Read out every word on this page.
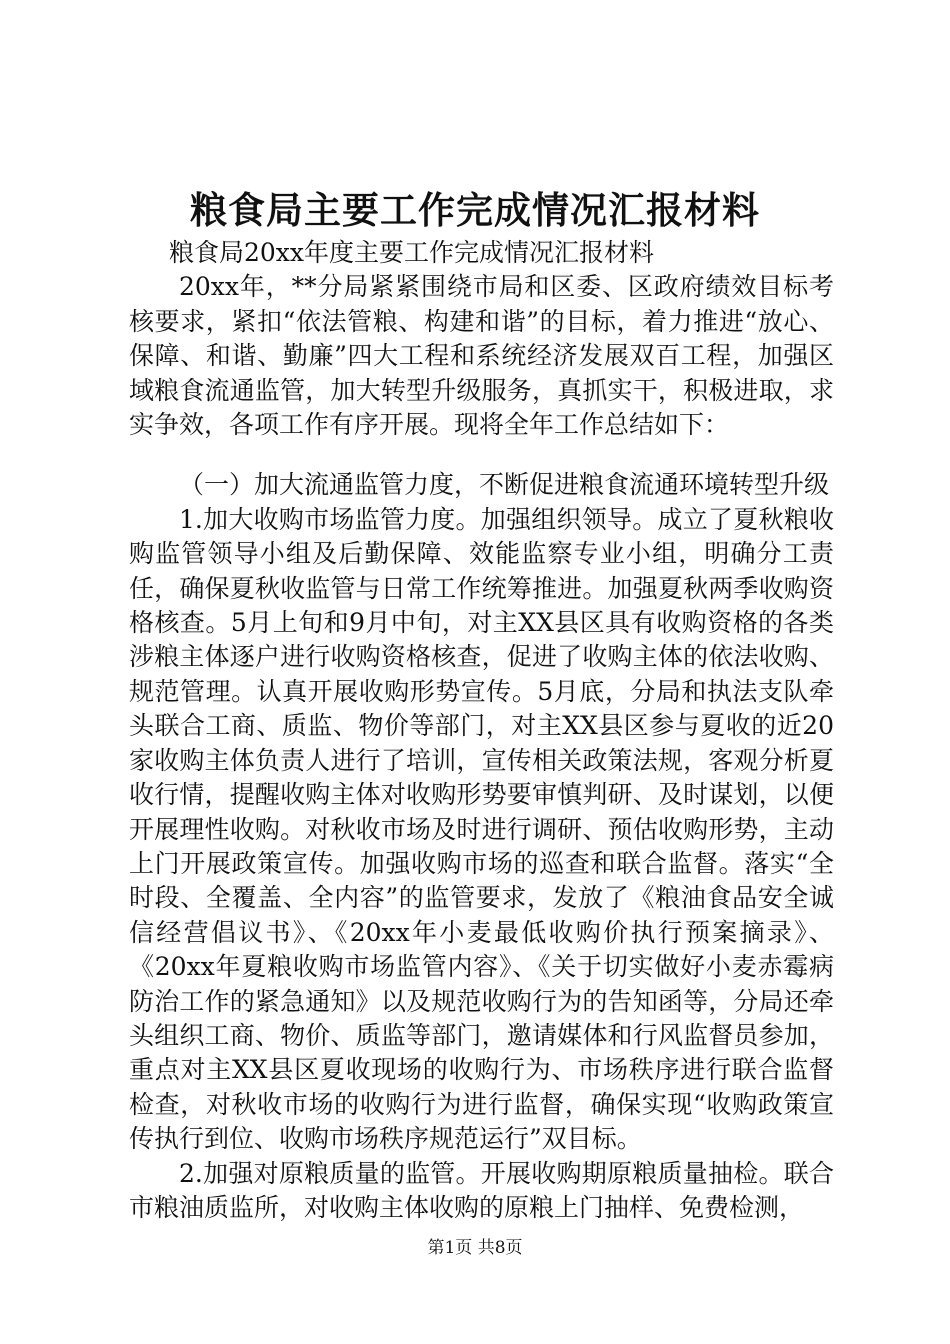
粮食局主要工作完成情况汇报材料

粮食局20xx年度主要工作完成情况汇报材料

20xx年，**分局紧紧围绕市局和区委、区政府绩效目标考核要求，紧扣“依法管粮、构建和谐”的目标，着力推进“放心、保障、和谐、勤廉”四大工程和系统经济发展双百工程，加强区域粮食流通监管，加大转型升级服务，真抓实干，积极进取，求实争效，各项工作有序开展。现将全年工作总结如下：

（一）加大流通监管力度，不断促进粮食流通环境转型升级

1.加大收购市场监管力度。加强组织领导。成立了夏秋粮收购监管领导小组及后勤保障、效能监察专业小组，明确分工责任，确保夏秋收监管与日常工作统筹推进。加强夏秋两季收购资格核查。5月上旬和9月中旬，对主XX县区具有收购资格的各类涉粮主体逐户进行收购资格核查，促进了收购主体的依法收购、规范管理。认真开展收购形势宣传。5月底，分局和执法支队牵头联合工商、质监、物价等部门，对主XX县区参与夏收的近20家收购主体负责人进行了培训，宣传相关政策法规，客观分析夏收行情，提醒收购主体对收购形势要审慎判研、及时谋划，以便开展理性收购。对秋收市场及时进行调研、预估收购形势，主动上门开展政策宣传。加强收购市场的巡查和联合监督。落实“全时段、全覆盖、全内容”的监管要求，发放了《粮油食品安全诚信经营倡议书》、《20xx年小麦最低收购价执行预案摘录》、《20xx年夏粮收购市场监管内容》、《关于切实做好小麦赤霉病防治工作的紧急通知》以及规范收购行为的告知函等，分局还牵头组织工商、物价、质监等部门，邀请媒体和行风监督员参加，重点对主XX县区夏收现场的收购行为、市场秩序进行联合监督检查，对秋收市场的收购行为进行监督，确保实现“收购政策宣传执行到位、收购市场秩序规范运行”双目标。

2.加强对原粮质量的监管。开展收购期原粮质量抽检。联合市粮油质监所，对收购主体收购的原粮上门抽样、免费检测，

第1页 共8页
